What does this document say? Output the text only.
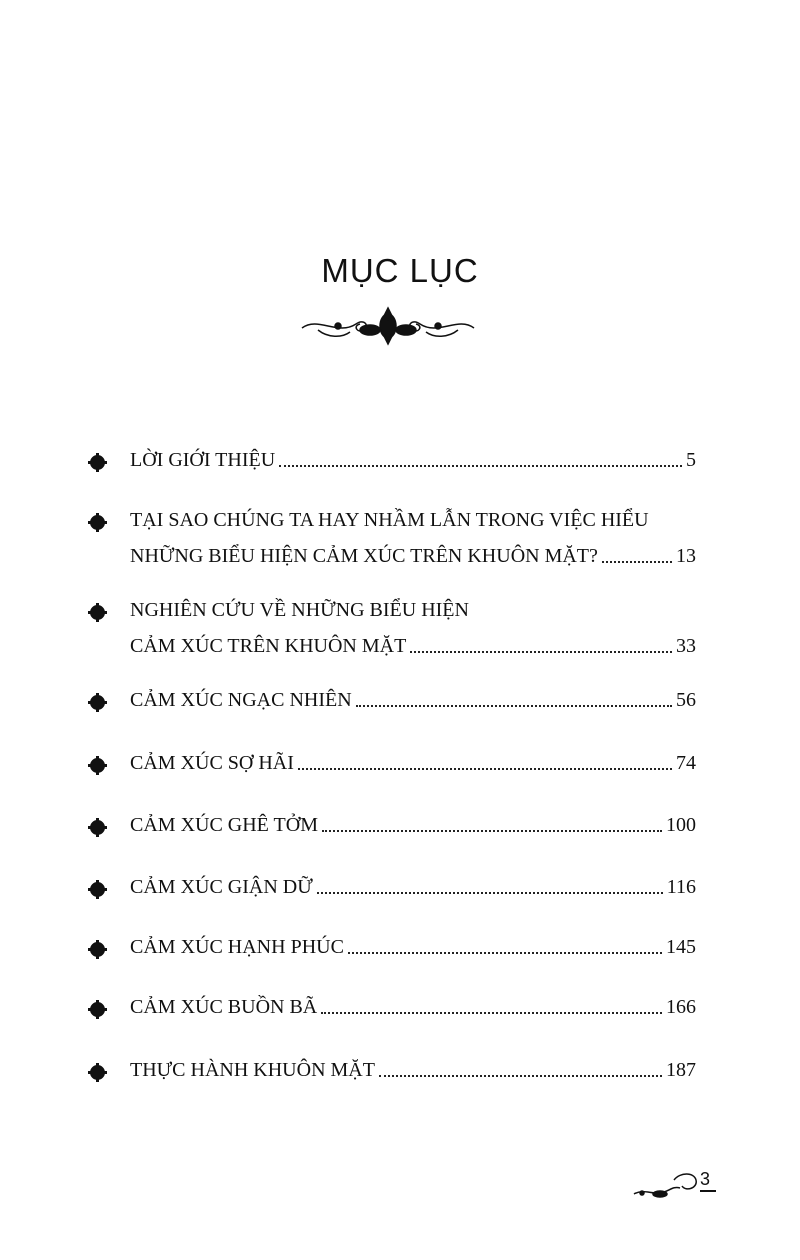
MỤC LỤC
LỜI GIỚI THIỆU	5
TẠI SAO CHÚNG TA HAY NHẦM LẪN TRONG VIỆC HIỂU
NHỮNG BIỂU HIỆN CẢM XÚC TRÊN KHUÔN MẶT?	13
NGHIÊN CỨU VỀ NHỮNG BIỂU HIỆN
CẢM XÚC TRÊN KHUÔN MẶT	33
CẢM XÚC NGẠC NHIÊN	56
CẢM XÚC SỢ HÃI	74
CẢM XÚC GHÊ TỞM	100
CẢM XÚC GIẬN DỮ	116
CẢM XÚC HẠNH PHÚC	145
CẢM XÚC BUỒN BÃ	166
THỰC HÀNH KHUÔN MẶT	187
3
